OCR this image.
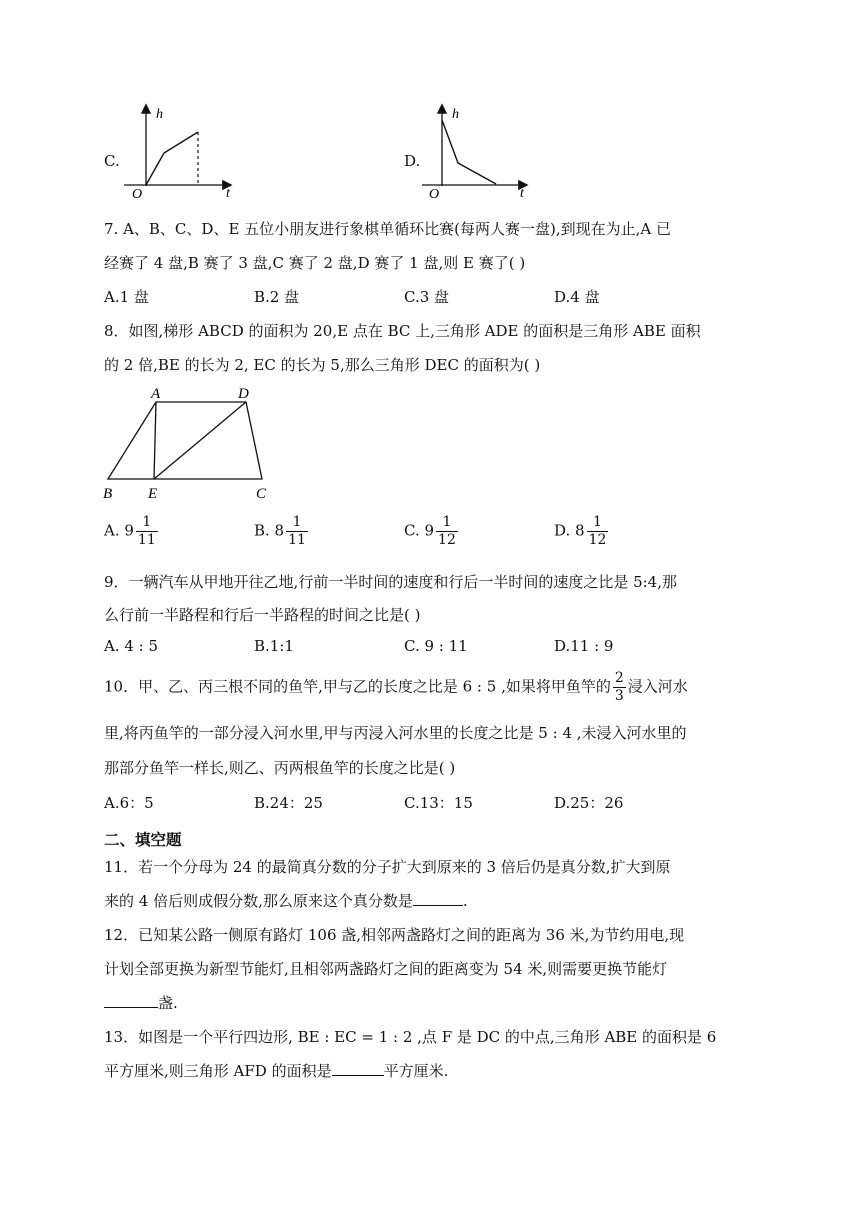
C.
h
t
O
D.
h
t
O
7. A、B、C、D、E 五位小朋友进行象棋单循环比赛(每两人赛一盘),到现在为止,A 已
经赛了 4 盘,B 赛了 3 盘,C 赛了 2 盘,D 赛了 1 盘,则 E 赛了( )
A.1 盘	B.2 盘	C.3 盘	D.4 盘
8．如图,梯形 ABCD 的面积为 20,E 点在 BC 上,三角形 ADE 的面积是三角形 ABE 面积
的 2 倍,BE 的长为 2, EC 的长为 5,那么三角形 DEC 的面积为( )
A	D
B E	C
A. $9 \frac{1}{11}$	B. $8 \frac{1}{11}$	C. $9 \frac{1}{12}$	D. $8 \frac{1}{12}$
9．一辆汽车从甲地开往乙地,行前一半时间的速度和行后一半时间的速度之比是 5:4,那
么行前一半路程和行后一半路程的时间之比是( )
A. 4 : 5	B.1:1	C. 9 : 11	D.11 : 9
10．甲、乙、丙三根不同的鱼竿,甲与乙的长度之比是 6 : 5 ,如果将甲鱼竿的 $\frac{2}{3}$ 浸入河水
里,将丙鱼竿的一部分浸入河水里,甲与丙浸入河水里的长度之比是 5 : 4 ,未浸入河水里的
那部分鱼竿一样长,则乙、丙两根鱼竿的长度之比是( )
A.6：5	B.24：25	C.13：15	D.25：26
二、填空题
11．若一个分母为 24 的最简真分数的分子扩大到原来的 3 倍后仍是真分数,扩大到原
来的 4 倍后则成假分数,那么原来这个真分数是	.
12．已知某公路一侧原有路灯 106 盏,相邻两盏路灯之间的距离为 36 米,为节约用电,现
计划全部更换为新型节能灯,且相邻两盏路灯之间的距离变为 54 米,则需要更换节能灯
盏.
13．如图是一个平行四边形, BE : EC = 1 : 2 ,点 F 是 DC 的中点,三角形 ABE 的面积是 6
平方厘米,则三角形 AFD 的面积是	平方厘米.
